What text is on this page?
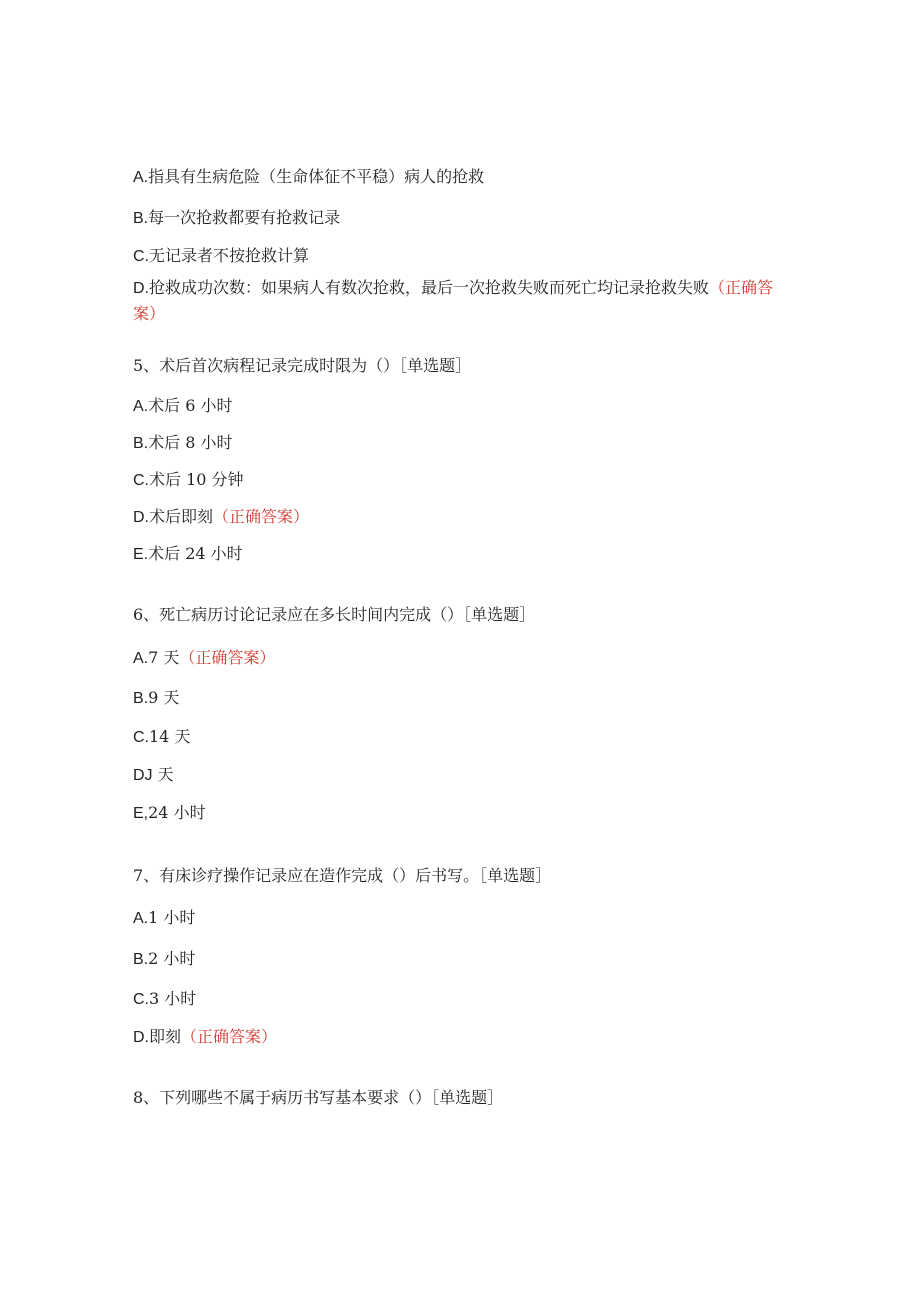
A.指具有生病危险（生命体征不平稳）病人的抢救
B.每一次抢救都要有抢救记录
C.无记录者不按抢救计算
D.抢救成功次数：如果病人有数次抢救，最后一次抢救失败而死亡均记录抢救失败（正确答案）
5、术后首次病程记录完成时限为（）［单选题］
A.术后 6 小时
B.术后 8 小时
C.术后 10 分钟
D.术后即刻（正确答案）
E.术后 24 小时
6、死亡病历讨论记录应在多长时间内完成（）［单选题］
A.7 天（正确答案）
B.9 天
C.14 天
DJ 天
E,24 小时
7、有床诊疗操作记录应在造作完成（）后书写。［单选题］
A.1 小时
B.2 小时
C.3 小时
D.即刻（正确答案）
8、下列哪些不属于病历书写基本要求（）［单选题］
